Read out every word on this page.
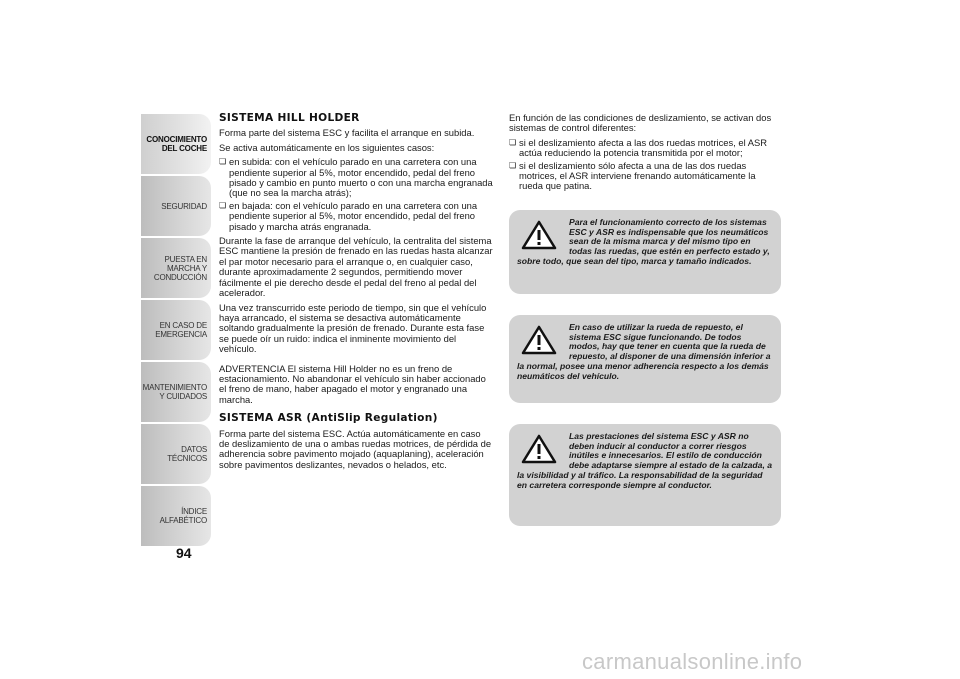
CONOCIMIENTO DEL COCHE
SEGURIDAD
PUESTA EN MARCHA Y CONDUCCIÓN
EN CASO DE EMERGENCIA
MANTENIMIENTO Y CUIDADOS
DATOS TÉCNICOS
ÍNDICE ALFABÉTICO
94
SISTEMA HILL HOLDER

Forma parte del sistema ESC y facilita el arranque en subida.

Se activa automáticamente en los siguientes casos:

❏ en subida: con el vehículo parado en una carretera con una pendiente superior al 5%, motor encendido, pedal del freno pisado y cambio en punto muerto o con una marcha engranada (que no sea la marcha atrás);
❏ en bajada: con el vehículo parado en una carretera con una pendiente superior al 5%, motor encendido, pedal del freno pisado y marcha atrás engranada.

Durante la fase de arranque del vehículo, la centralita del sistema ESC mantiene la presión de frenado en las ruedas hasta alcanzar el par motor necesario para el arranque o, en cualquier caso, durante aproximadamente 2 segundos, permitiendo mover fácilmente el pie derecho desde el pedal del freno al pedal del acelerador.

Una vez transcurrido este periodo de tiempo, sin que el vehículo haya arrancado, el sistema se desactiva automáticamente soltando gradualmente la presión de frenado. Durante esta fase se puede oír un ruido: indica el inminente movimiento del vehículo.

ADVERTENCIA El sistema Hill Holder no es un freno de estacionamiento. No abandonar el vehículo sin haber accionado el freno de mano, haber apagado el motor y engranado una marcha.

SISTEMA ASR (AntiSlip Regulation)

Forma parte del sistema ESC. Actúa automáticamente en caso de deslizamiento de una o ambas ruedas motrices, de pérdida de adherencia sobre pavimento mojado (aquaplaning), aceleración sobre pavimentos deslizantes, nevados o helados, etc.

En función de las condiciones de deslizamiento, se activan dos sistemas de control diferentes:

❏ si el deslizamiento afecta a las dos ruedas motrices, el ASR actúa reduciendo la potencia transmitida por el motor;
❏ si el deslizamiento sólo afecta a una de las dos ruedas motrices, el ASR interviene frenando automáticamente la rueda que patina.
Para el funcionamiento correcto de los sistemas ESC y ASR es indispensable que los neumáticos sean de la misma marca y del mismo tipo en todas las ruedas, que estén en perfecto estado y, sobre todo, que sean del tipo, marca y tamaño indicados.
En caso de utilizar la rueda de repuesto, el sistema ESC sigue funcionando. De todos modos, hay que tener en cuenta que la rueda de repuesto, al disponer de una dimensión inferior a la normal, posee una menor adherencia respecto a los demás neumáticos del vehículo.
Las prestaciones del sistema ESC y ASR no deben inducir al conductor a correr riesgos inútiles e innecesarios. El estilo de conducción debe adaptarse siempre al estado de la calzada, a la visibilidad y al tráfico. La responsabilidad de la seguridad en carretera corresponde siempre al conductor.
carmanualsonline.info
